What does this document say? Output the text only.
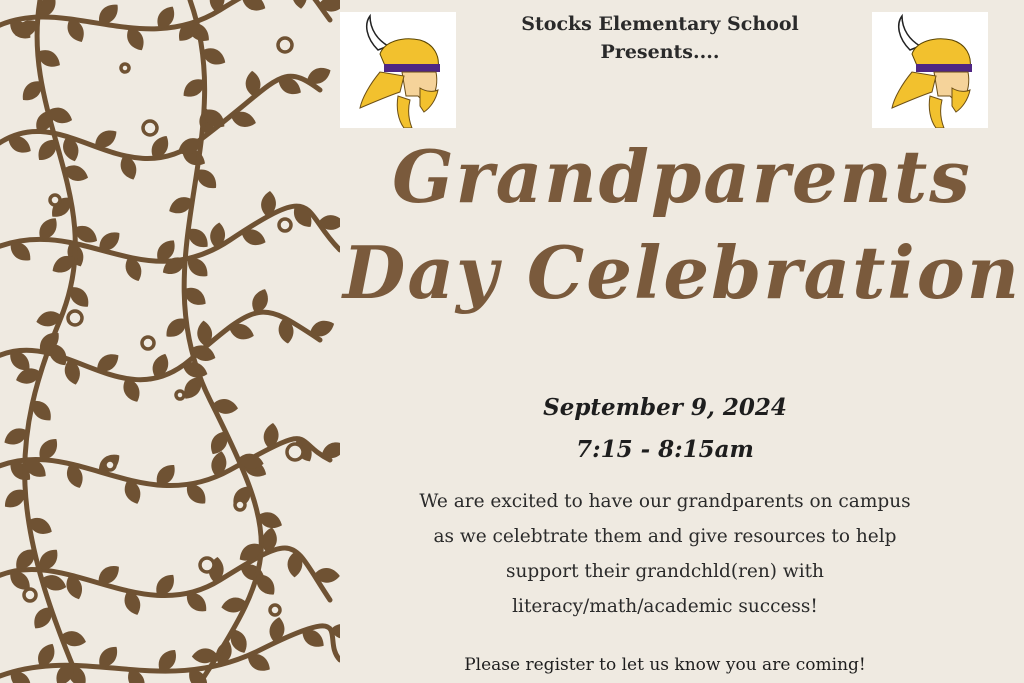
Stocks Elementary School
Presents....
Grandparents
Day Celebration
September 9, 2024
7:15 - 8:15am
We are excited to have our grandparents on campus
as we celebtrate them and give resources to help
support their grandchld(ren) with
literacy/math/academic success!
Please register to let us know you are coming!
